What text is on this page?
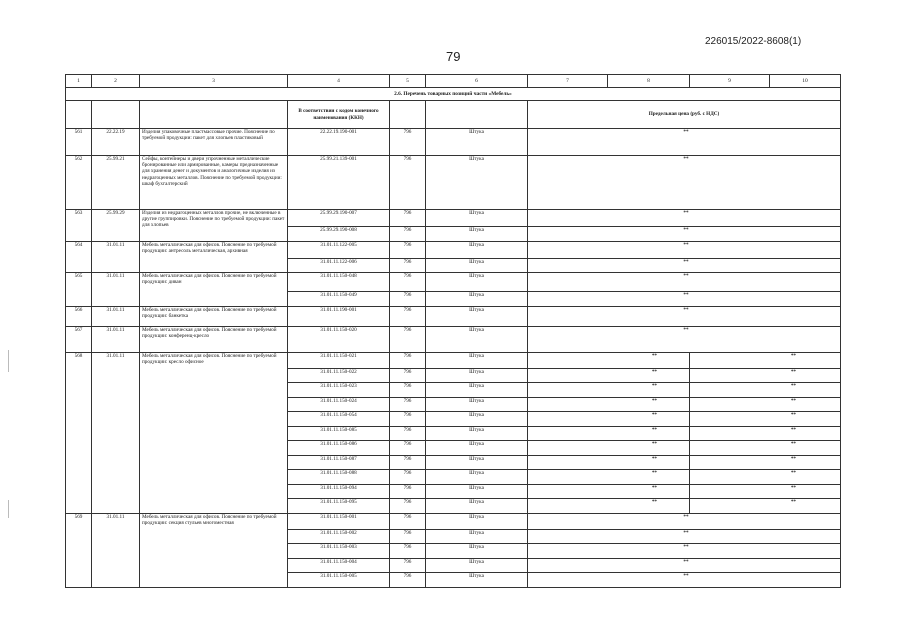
226015/2022-8608(1)
79
1	2	3	4	5	6	7	8	9	10
2.6. Перечень товарных позиций части «Мебель»									
			В соответствии с кодом конечного наименования (ККН)			Предельная цена (руб. с НДС)			
561	22.22.19	Изделия упаковочные пластмассовые прочие. Пояснение по требуемой продукции: пакет для хлопьев пластиковый	22.22.19.190-001	796	Штука	**			
562	25.99.21	Сейфы, контейнеры и двери упрочненные металлические бронированные или армированные, камеры предназначенные для хранения денег и документов и аналогичные изделия из недрагоценных металлов. Пояснение по требуемой продукции: шкаф бухгалтерский	25.99.21.139-001	796	Штука	**			
563	25.99.29	Изделия из недрагоценных металлов прочие, не включенные в другие группировки. Пояснение по требуемой продукции: пакет для хлопьев	25.99.29.190-007	796	Штука	**			
			25.99.29.190-008	796	Штука	**			
564	31.01.11	Мебель металлическая для офисов. Пояснение по требуемой продукции: антресоль металлическая, архивная	31.01.11.122-005	796	Штука	**			
			31.01.11.122-006	796	Штука	**			
565	31.01.11	Мебель металлическая для офисов. Пояснение по требуемой продукции: диван	31.01.11.150-048	796	Штука	**			
			31.01.11.150-049	796	Штука	**			
566	31.01.11	Мебель металлическая для офисов. Пояснение по требуемой продукции: банкетка	31.01.11.190-001	796	Штука	**			
567	31.01.11	Мебель металлическая для офисов. Пояснение по требуемой продукции: конференц-кресло	31.01.11.150-020	796	Штука	**			
568	31.01.11	Мебель металлическая для офисов. Пояснение по требуемой продукции: кресло офисное	31.01.11.150-021	796	Штука	**		**	
			31.01.11.150-022	796	Штука	**		**	
			31.01.11.150-023	796	Штука	**		**	
			31.01.11.150-024	796	Штука	**		**	
			31.01.11.150-054	796	Штука	**		**	
			31.01.11.150-085	796	Штука	**		**	
			31.01.11.150-086	796	Штука	**		**	
			31.01.11.150-087	796	Штука	**		**	
			31.01.11.150-088	796	Штука	**		**	
			31.01.11.150-094	796	Штука	**		**	
			31.01.11.150-095	796	Штука	**		**	
569	31.01.11	Мебель металлическая для офисов. Пояснение по требуемой продукции: секция стульев многоместная	31.01.11.150-001	796	Штука	**			
			31.01.11.150-002	796	Штука	**			
			31.01.11.150-003	796	Штука	**			
			31.01.11.150-004	796	Штука	**			
			31.01.11.150-005	796	Штука	**			
